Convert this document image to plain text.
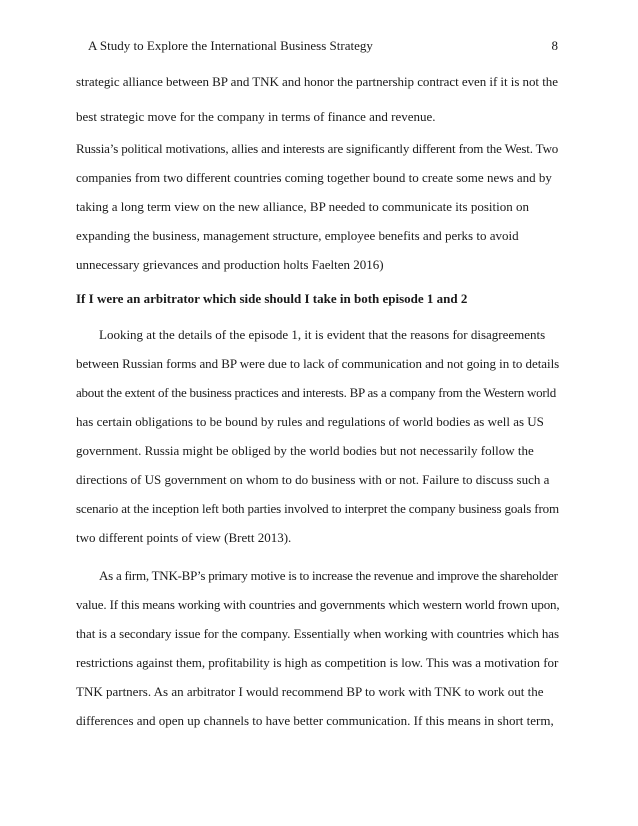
A Study to Explore the International Business Strategy	8
strategic alliance between BP and TNK and honor the partnership contract even if it is not the
best strategic move for the company in terms of finance and revenue.
Russia’s political motivations, allies and interests are significantly different from the West. Two
companies from two different countries coming together bound to create some news and by
taking a long term view on the new alliance, BP needed to communicate its position on
expanding the business, management structure, employee benefits and perks to avoid
unnecessary grievances and production holts Faelten 2016)
If I were an arbitrator which side should I take in both episode 1 and 2
Looking at the details of the episode 1, it is evident that the reasons for disagreements
between Russian forms and BP were due to lack of communication and not going in to details
about the extent of the business practices and interests. BP as a company from the Western world
has certain obligations to be bound by rules and regulations of world bodies as well as US
government. Russia might be obliged by the world bodies but not necessarily follow the
directions of US government on whom to do business with or not. Failure to discuss such a
scenario at the inception left both parties involved to interpret the company business goals from
two different points of view (Brett 2013).
As a firm, TNK-BP’s primary motive is to increase the revenue and improve the shareholder
value. If this means working with countries and governments which western world frown upon,
that is a secondary issue for the company. Essentially when working with countries which has
restrictions against them, profitability is high as competition is low. This was a motivation for
TNK partners. As an arbitrator I would recommend BP to work with TNK to work out the
differences and open up channels to have better communication. If this means in short term,
